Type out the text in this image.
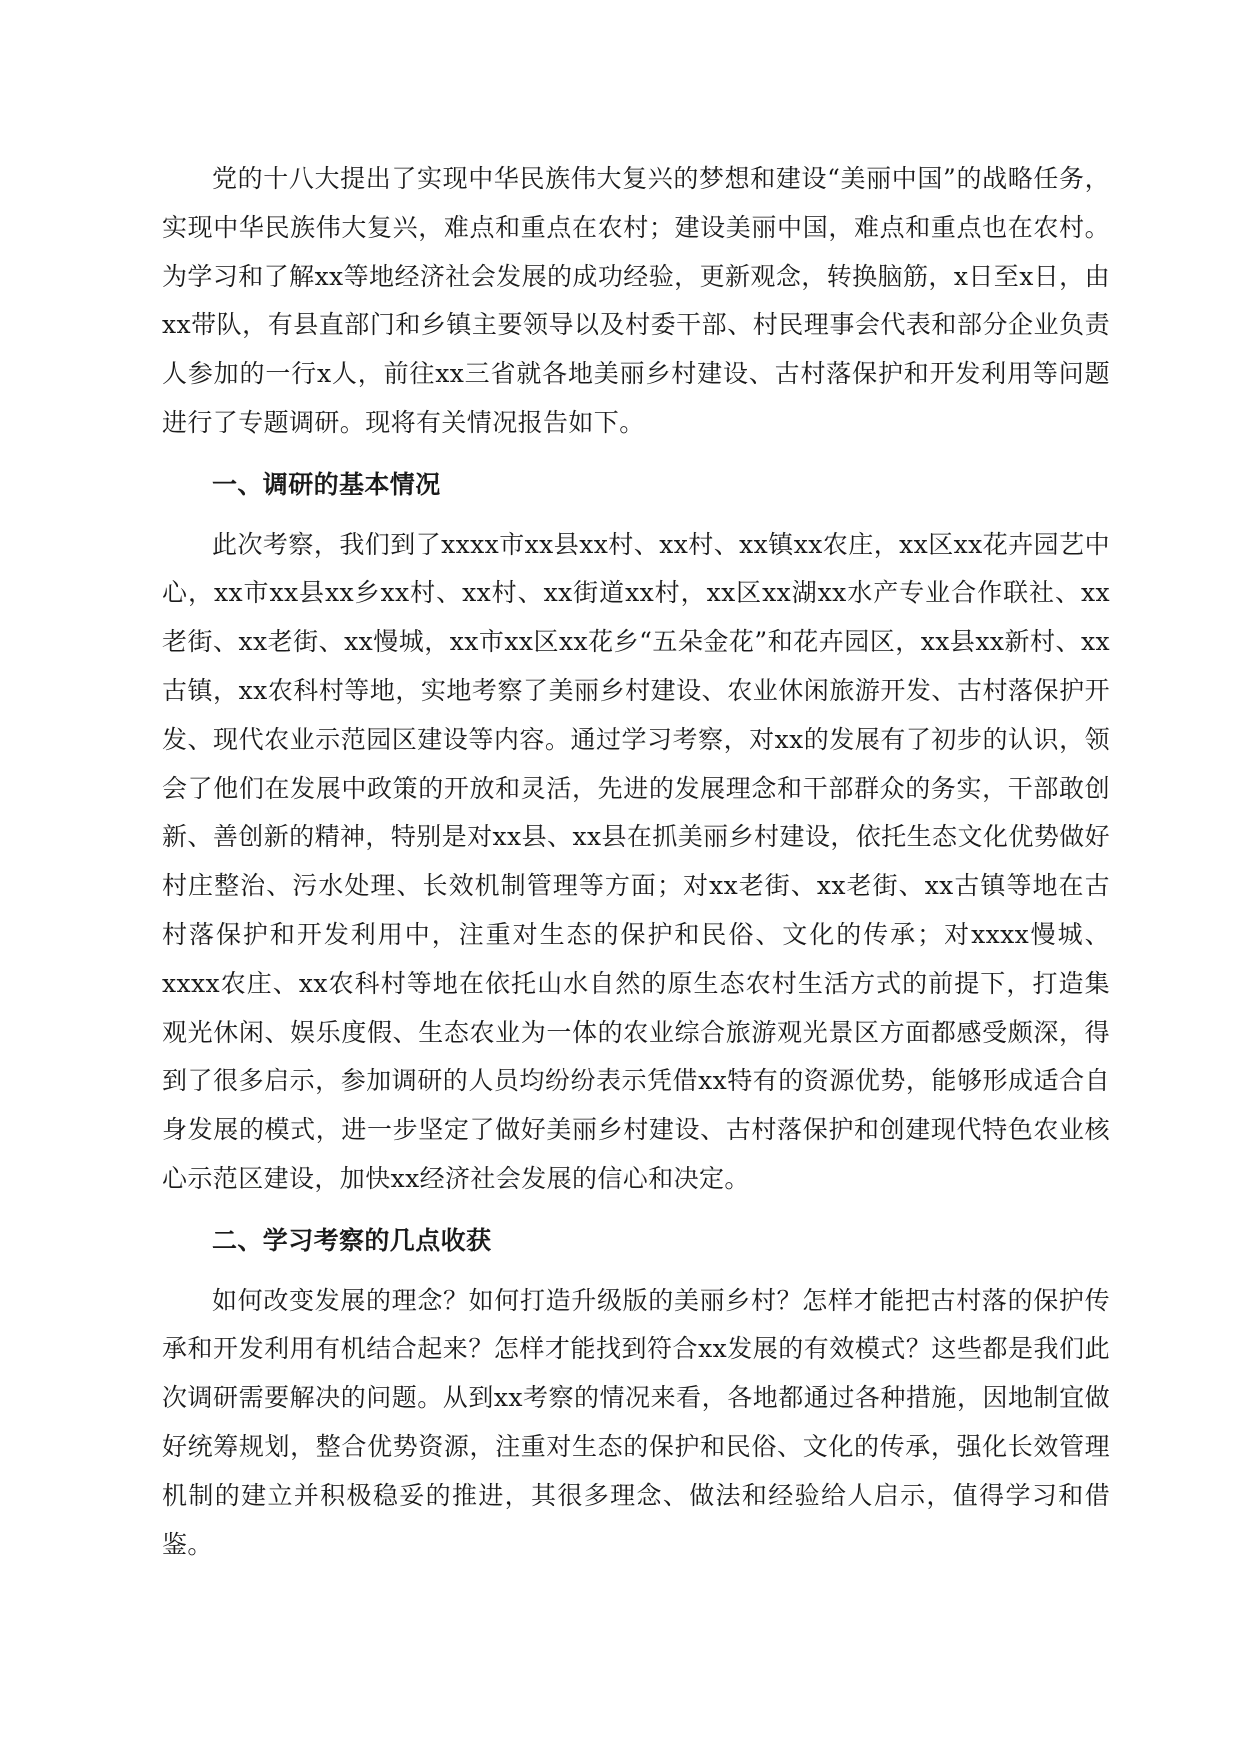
党的十八大提出了实现中华民族伟大复兴的梦想和建设“美丽中国”的战略任务，实现中华民族伟大复兴，难点和重点在农村；建设美丽中国，难点和重点也在农村。为学习和了解xx等地经济社会发展的成功经验，更新观念，转换脑筋，x日至x日，由xx带队，有县直部门和乡镇主要领导以及村委干部、村民理事会代表和部分企业负责人参加的一行x人，前往xx三省就各地美丽乡村建设、古村落保护和开发利用等问题进行了专题调研。现将有关情况报告如下。

一、调研的基本情况

此次考察，我们到了xxxx市xx县xx村、xx村、xx镇xx农庄，xx区xx花卉园艺中心，xx市xx县xx乡xx村、xx村、xx街道xx村，xx区xx湖xx水产专业合作联社、xx老街、xx老街、xx慢城，xx市xx区xx花乡“五朵金花”和花卉园区，xx县xx新村、xx古镇，xx农科村等地，实地考察了美丽乡村建设、农业休闲旅游开发、古村落保护开发、现代农业示范园区建设等内容。通过学习考察，对xx的发展有了初步的认识，领会了他们在发展中政策的开放和灵活，先进的发展理念和干部群众的务实，干部敢创新、善创新的精神，特别是对xx县、xx县在抓美丽乡村建设，依托生态文化优势做好村庄整治、污水处理、长效机制管理等方面；对xx老街、xx老街、xx古镇等地在古村落保护和开发利用中，注重对生态的保护和民俗、文化的传承；对xxxx慢城、xxxx农庄、xx农科村等地在依托山水自然的原生态农村生活方式的前提下，打造集观光休闲、娱乐度假、生态农业为一体的农业综合旅游观光景区方面都感受颇深，得到了很多启示，参加调研的人员均纷纷表示凭借xx特有的资源优势，能够形成适合自身发展的模式，进一步坚定了做好美丽乡村建设、古村落保护和创建现代特色农业核心示范区建设，加快xx经济社会发展的信心和决定。

二、学习考察的几点收获

如何改变发展的理念？如何打造升级版的美丽乡村？怎样才能把古村落的保护传承和开发利用有机结合起来？怎样才能找到符合xx发展的有效模式？这些都是我们此次调研需要解决的问题。从到xx考察的情况来看，各地都通过各种措施，因地制宜做好统筹规划，整合优势资源，注重对生态的保护和民俗、文化的传承，强化长效管理机制的建立并积极稳妥的推进，其很多理念、做法和经验给人启示，值得学习和借鉴。
